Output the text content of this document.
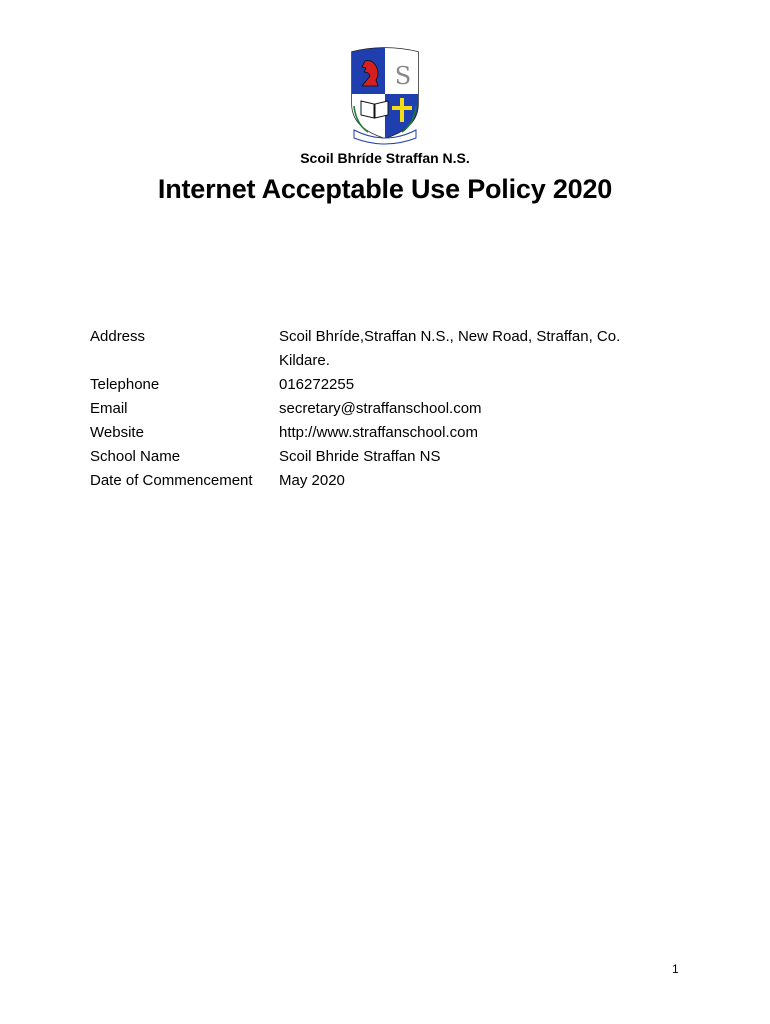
S
Scoil Bhríde Straffan N.S.
Internet Acceptable Use Policy 2020
Address	Scoil Bhríde,Straffan N.S., New Road, Straffan, Co. Kildare.
Telephone	016272255
Email	secretary@straffanschool.com
Website	http://www.straffanschool.com
School Name	Scoil Bhride Straffan NS
Date of Commencement	May 2020
1
